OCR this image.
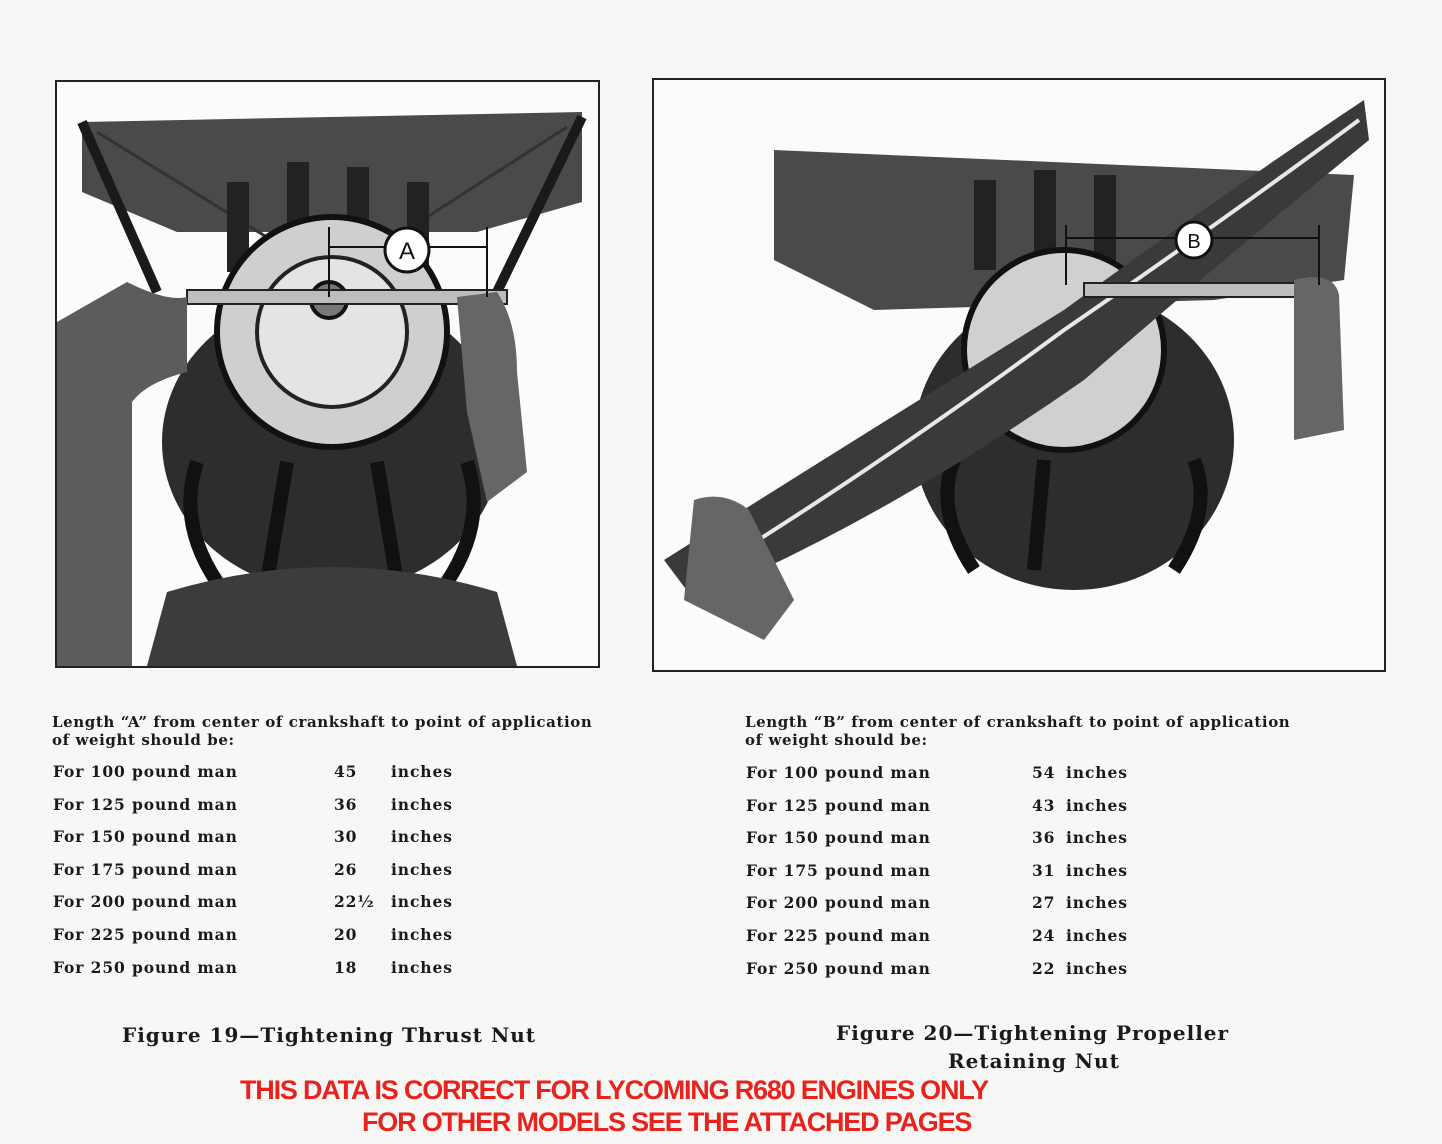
A	B
Length “A” from center of crankshaft to point of application of weight should be:
For 100 pound man	45 inches
For 125 pound man	36 inches
For 150 pound man	30 inches
For 175 pound man	26 inches
For 200 pound man	22½ inches
For 225 pound man	20 inches
For 250 pound man	18 inches
Figure 19—Tightening Thrust Nut
Length “B” from center of crankshaft to point of application of weight should be:
For 100 pound man	54 inches
For 125 pound man	43 inches
For 150 pound man	36 inches
For 175 pound man	31 inches
For 200 pound man	27 inches
For 225 pound man	24 inches
For 250 pound man	22 inches
Figure 20—Tightening Propeller
Retaining Nut
THIS DATA IS CORRECT FOR LYCOMING R680 ENGINES ONLY
FOR OTHER MODELS SEE THE ATTACHED PAGES
